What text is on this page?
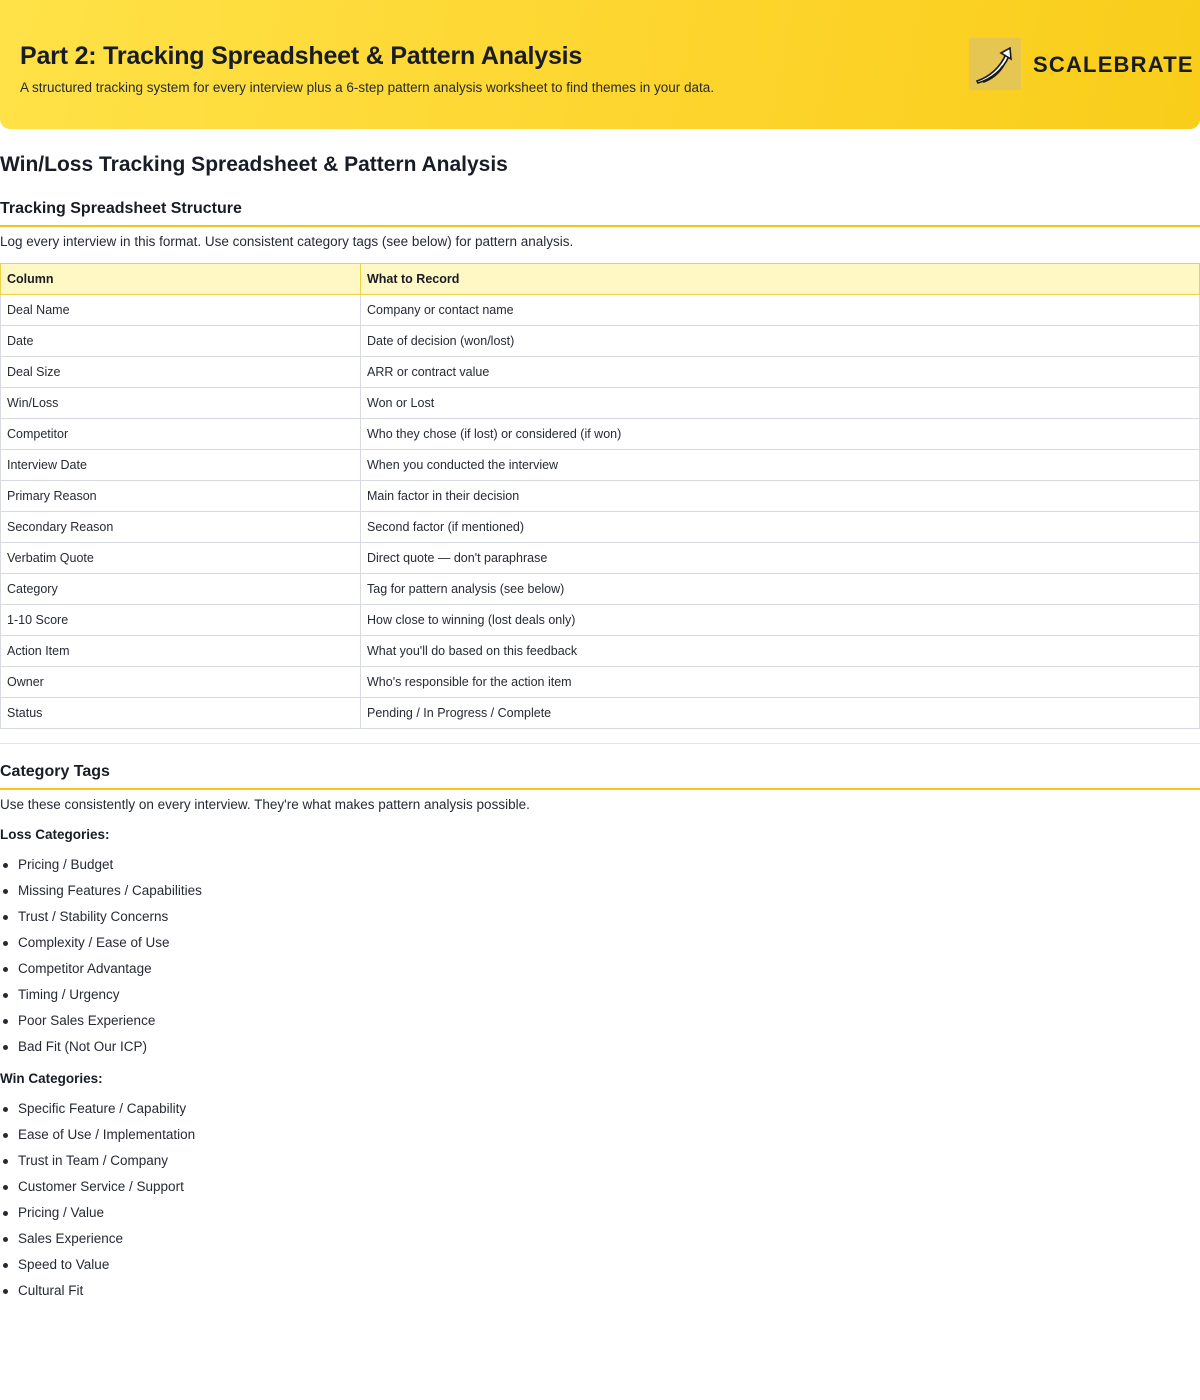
Part 2: Tracking Spreadsheet & Pattern Analysis
A structured tracking system for every interview plus a 6-step pattern analysis worksheet to find themes in your data.
SCALEBRATE
Win/Loss Tracking Spreadsheet & Pattern Analysis
Tracking Spreadsheet Structure

Log every interview in this format. Use consistent category tags (see below) for pattern analysis.

Column	What to Record
Deal Name	Company or contact name
Date	Date of decision (won/lost)
Deal Size	ARR or contract value
Win/Loss	Won or Lost
Competitor	Who they chose (if lost) or considered (if won)
Interview Date	When you conducted the interview
Primary Reason	Main factor in their decision
Secondary Reason	Second factor (if mentioned)
Verbatim Quote	Direct quote — don't paraphrase
Category	Tag for pattern analysis (see below)
1-10 Score	How close to winning (lost deals only)
Action Item	What you'll do based on this feedback
Owner	Who's responsible for the action item
Status	Pending / In Progress / Complete
Category Tags

Use these consistently on every interview. They're what makes pattern analysis possible.

Loss Categories:
Pricing / Budget
Missing Features / Capabilities
Trust / Stability Concerns
Complexity / Ease of Use
Competitor Advantage
Timing / Urgency
Poor Sales Experience
Bad Fit (Not Our ICP)
Win Categories:
Specific Feature / Capability
Ease of Use / Implementation
Trust in Team / Company
Customer Service / Support
Pricing / Value
Sales Experience
Speed to Value
Cultural Fit
